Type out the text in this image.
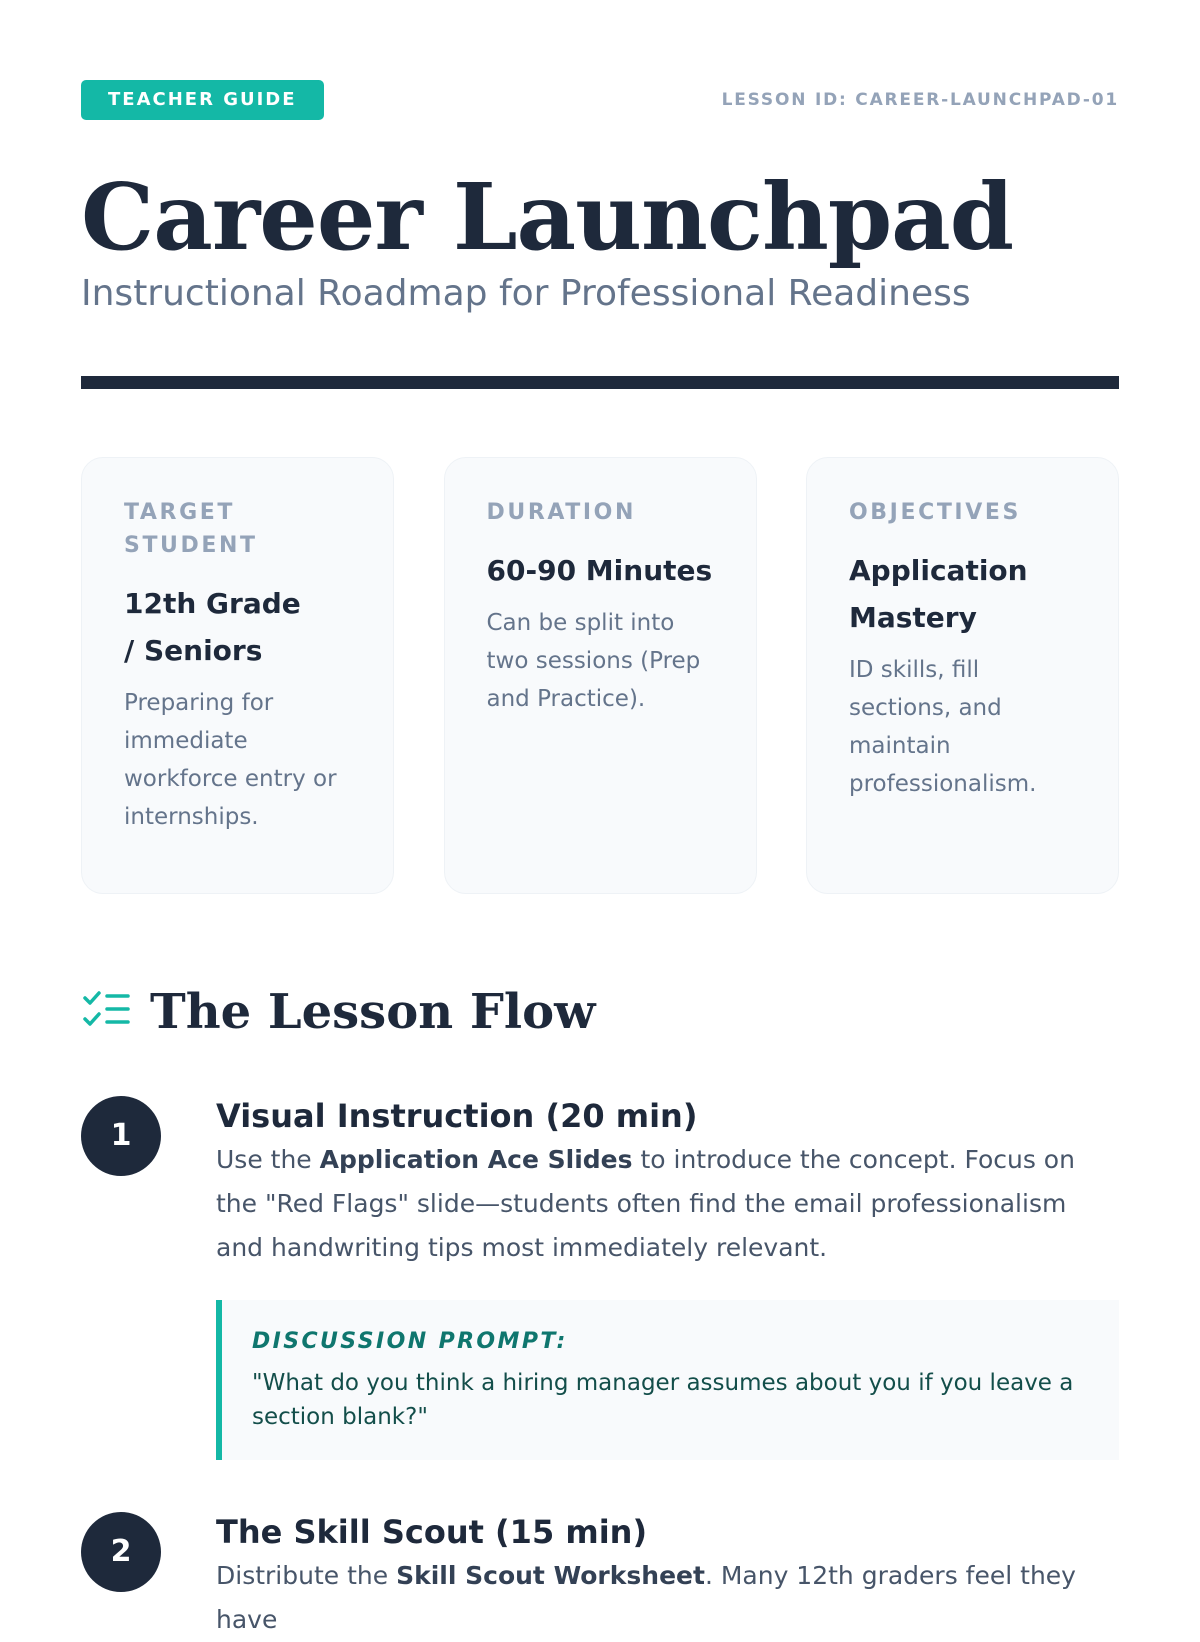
TEACHER GUIDE	LESSON ID: CAREER-LAUNCHPAD-01
Career Launchpad

Instructional Roadmap for Professional Readiness

TARGET STUDENT

12th Grade / Seniors

Preparing for immediate workforce entry or internships.

DURATION

60-90 Minutes

Can be split into two sessions (Prep and Practice).

OBJECTIVES

Application Mastery

ID skills, fill sections, and maintain professionalism.

The Lesson Flow
1
Visual Instruction (20 min)

Use the Application Ace Slides to introduce the concept. Focus on the "Red Flags" slide—students often find the email professionalism and handwriting tips most immediately relevant.

DISCUSSION PROMPT:

"What do you think a hiring manager assumes about you if you leave a section blank?"

2
The Skill Scout (15 min)

Distribute the Skill Scout Worksheet. Many 12th graders feel they have
